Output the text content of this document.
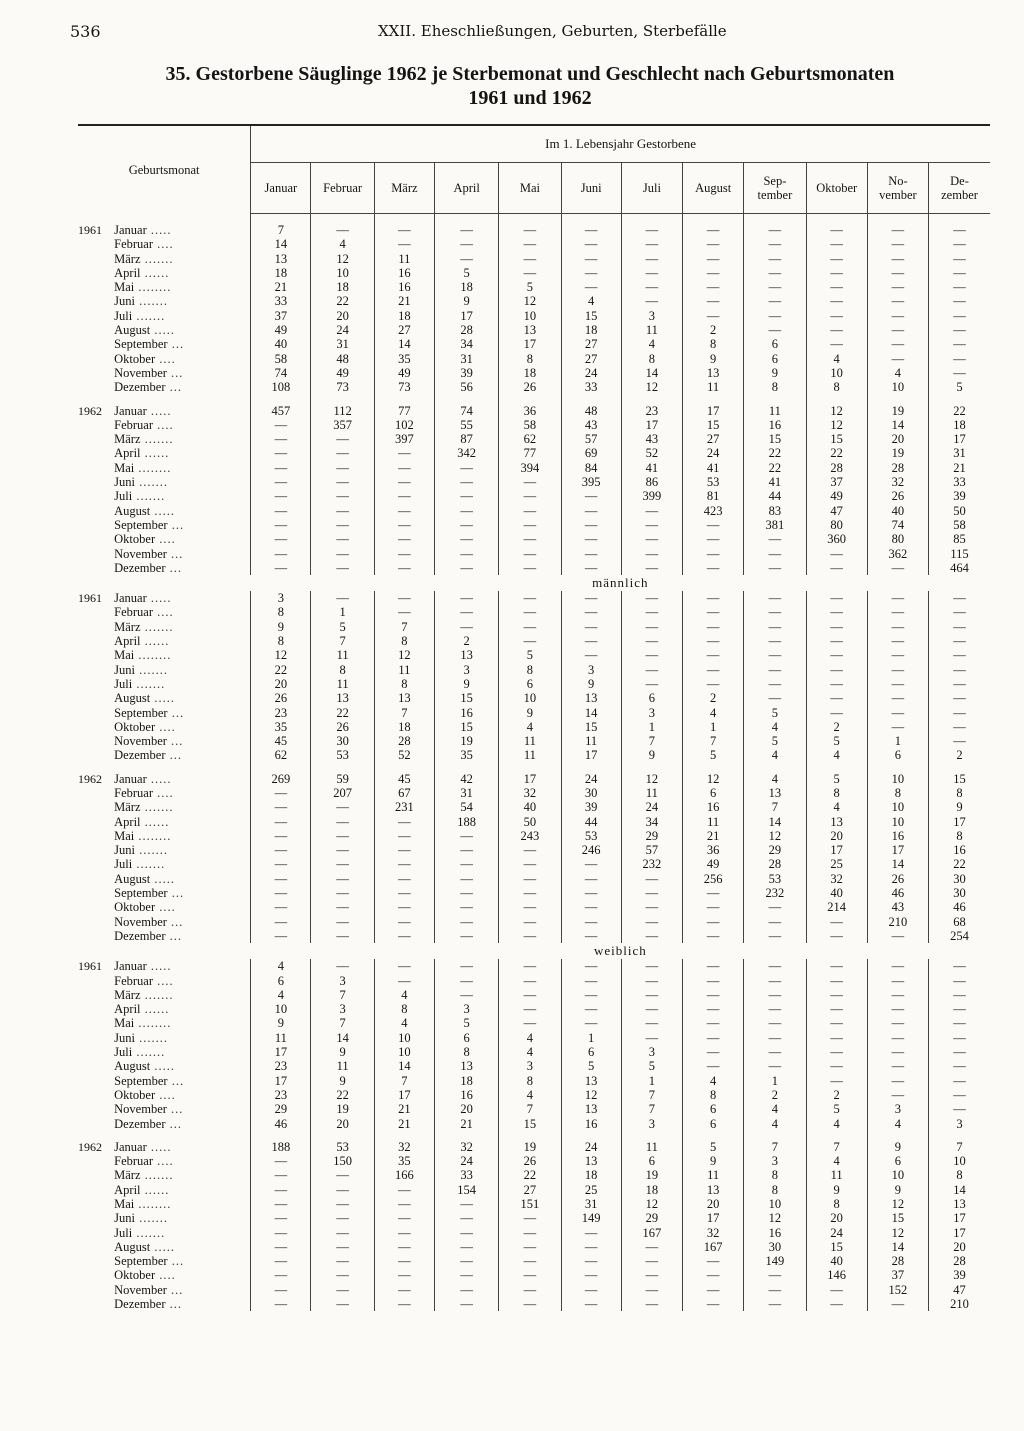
536	XXII. Eheschließungen, Geburten, Sterbefälle
35. Gestorbene Säuglinge 1962 je Sterbemonat und Geschlecht nach Geburtsmonaten
1961 und 1962
Geburtsmonat		Im 1. Lebensjahr Gestorbene											
		Januar	Februar	März	April	Mai	Juni	Juli	August	Sep-
tember	Oktober	No-
vember	De-
zember

1961	Januar .....	7	—	—	—	—	—	—	—	—	—	—	—
	Februar ....	14	4	—	—	—	—	—	—	—	—	—	—
	März .......	13	12	11	—	—	—	—	—	—	—	—	—
	April ......	18	10	16	5	—	—	—	—	—	—	—	—
	Mai ........	21	18	16	18	5	—	—	—	—	—	—	—
	Juni .......	33	22	21	9	12	4	—	—	—	—	—	—
	Juli .......	37	20	18	17	10	15	3	—	—	—	—	—
	August .....	49	24	27	28	13	18	11	2	—	—	—	—
	September ...	40	31	14	34	17	27	4	8	6	—	—	—
	Oktober ....	58	48	35	31	8	27	8	9	6	4	—	—
	November ...	74	49	49	39	18	24	14	13	9	10	4	—
	Dezember ...	108	73	73	56	26	33	12	11	8	8	10	5

1962	Januar .....	457	112	77	74	36	48	23	17	11	12	19	22
	Februar ....	—	357	102	55	58	43	17	15	16	12	14	18
	März .......	—	—	397	87	62	57	43	27	15	15	20	17
	April ......	—	—	—	342	77	69	52	24	22	22	19	31
	Mai ........	—	—	—	—	394	84	41	41	22	28	28	21
	Juni .......	—	—	—	—	—	395	86	53	41	37	32	33
	Juli .......	—	—	—	—	—	—	399	81	44	49	26	39
	August .....	—	—	—	—	—	—	—	423	83	47	40	50
	September ...	—	—	—	—	—	—	—	—	381	80	74	58
	Oktober ....	—	—	—	—	—	—	—	—	—	360	80	85
	November ...	—	—	—	—	—	—	—	—	—	—	362	115
	Dezember ...	—	—	—	—	—	—	—	—	—	—	—	464
		männlich											
1961	Januar .....	3	—	—	—	—	—	—	—	—	—	—	—
	Februar ....	8	1	—	—	—	—	—	—	—	—	—	—
	März .......	9	5	7	—	—	—	—	—	—	—	—	—
	April ......	8	7	8	2	—	—	—	—	—	—	—	—
	Mai ........	12	11	12	13	5	—	—	—	—	—	—	—
	Juni .......	22	8	11	3	8	3	—	—	—	—	—	—
	Juli .......	20	11	8	9	6	9	—	—	—	—	—	—
	August .....	26	13	13	15	10	13	6	2	—	—	—	—
	September ...	23	22	7	16	9	14	3	4	5	—	—	—
	Oktober ....	35	26	18	15	4	15	1	1	4	2	—	—
	November ...	45	30	28	19	11	11	7	7	5	5	1	—
	Dezember ...	62	53	52	35	11	17	9	5	4	4	6	2

1962	Januar .....	269	59	45	42	17	24	12	12	4	5	10	15
	Februar ....	—	207	67	31	32	30	11	6	13	8	8	8
	März .......	—	—	231	54	40	39	24	16	7	4	10	9
	April ......	—	—	—	188	50	44	34	11	14	13	10	17
	Mai ........	—	—	—	—	243	53	29	21	12	20	16	8
	Juni .......	—	—	—	—	—	246	57	36	29	17	17	16
	Juli .......	—	—	—	—	—	—	232	49	28	25	14	22
	August .....	—	—	—	—	—	—	—	256	53	32	26	30
	September ...	—	—	—	—	—	—	—	—	232	40	46	30
	Oktober ....	—	—	—	—	—	—	—	—	—	214	43	46
	November ...	—	—	—	—	—	—	—	—	—	—	210	68
	Dezember ...	—	—	—	—	—	—	—	—	—	—	—	254
		weiblich											
1961	Januar .....	4	—	—	—	—	—	—	—	—	—	—	—
	Februar ....	6	3	—	—	—	—	—	—	—	—	—	—
	März .......	4	7	4	—	—	—	—	—	—	—	—	—
	April ......	10	3	8	3	—	—	—	—	—	—	—	—
	Mai ........	9	7	4	5	—	—	—	—	—	—	—	—
	Juni .......	11	14	10	6	4	1	—	—	—	—	—	—
	Juli .......	17	9	10	8	4	6	3	—	—	—	—	—
	August .....	23	11	14	13	3	5	5	—	—	—	—	—
	September ...	17	9	7	18	8	13	1	4	1	—	—	—
	Oktober ....	23	22	17	16	4	12	7	8	2	2	—	—
	November ...	29	19	21	20	7	13	7	6	4	5	3	—
	Dezember ...	46	20	21	21	15	16	3	6	4	4	4	3

1962	Januar .....	188	53	32	32	19	24	11	5	7	7	9	7
	Februar ....	—	150	35	24	26	13	6	9	3	4	6	10
	März .......	—	—	166	33	22	18	19	11	8	11	10	8
	April ......	—	—	—	154	27	25	18	13	8	9	9	14
	Mai ........	—	—	—	—	151	31	12	20	10	8	12	13
	Juni .......	—	—	—	—	—	149	29	17	12	20	15	17
	Juli .......	—	—	—	—	—	—	167	32	16	24	12	17
	August .....	—	—	—	—	—	—	—	167	30	15	14	20
	September ...	—	—	—	—	—	—	—	—	149	40	28	28
	Oktober ....	—	—	—	—	—	—	—	—	—	146	37	39
	November ...	—	—	—	—	—	—	—	—	—	—	152	47
	Dezember ...	—	—	—	—	—	—	—	—	—	—	—	210
